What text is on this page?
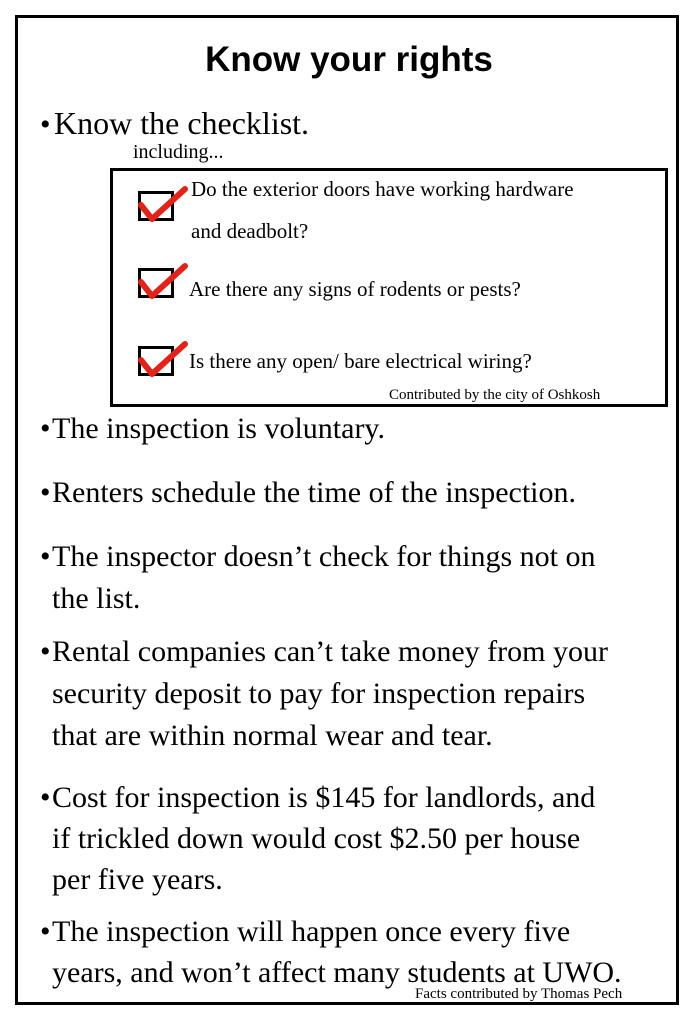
Know your rights
• Know the checklist.
including...
Do the exterior doors have working hardware
and deadbolt?
Are there any signs of rodents or pests?
Is there any open/ bare electrical wiring?
Contributed by the city of Oshkosh
• The inspection is voluntary.
• Renters schedule the time of the inspection.
• The inspector doesn’t check for things not on
the list.
• Rental companies can’t take money from your
security deposit to pay for inspection repairs
that are within normal wear and tear.
• Cost for inspection is $145 for landlords, and
if trickled down would cost $2.50 per house
per five years.
• The inspection will happen once every five
years, and won’t affect many students at UWO.
Facts contributed by Thomas Pech
